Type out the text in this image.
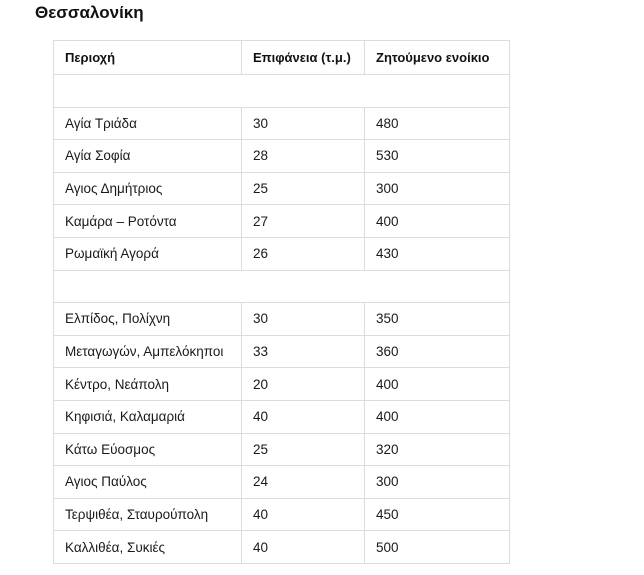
Θεσσαλονίκη
Περιοχή	Επιφάνεια (τ.μ.)	Ζητούμενο ενοίκιο

Αγία Τριάδα	30	480
Αγία Σοφία	28	530
Αγιος Δημήτριος	25	300
Καμάρα – Ροτόντα	27	400
Ρωμαϊκή Αγορά	26	430

Ελπίδος, Πολίχνη	30	350
Μεταγωγών, Αμπελόκηποι	33	360
Κέντρο, Νεάπολη	20	400
Κηφισιά, Καλαμαριά	40	400
Κάτω Εύοσμος	25	320
Αγιος Παύλος	24	300
Τερψιθέα, Σταυρούπολη	40	450
Καλλιθέα, Συκιές	40	500
